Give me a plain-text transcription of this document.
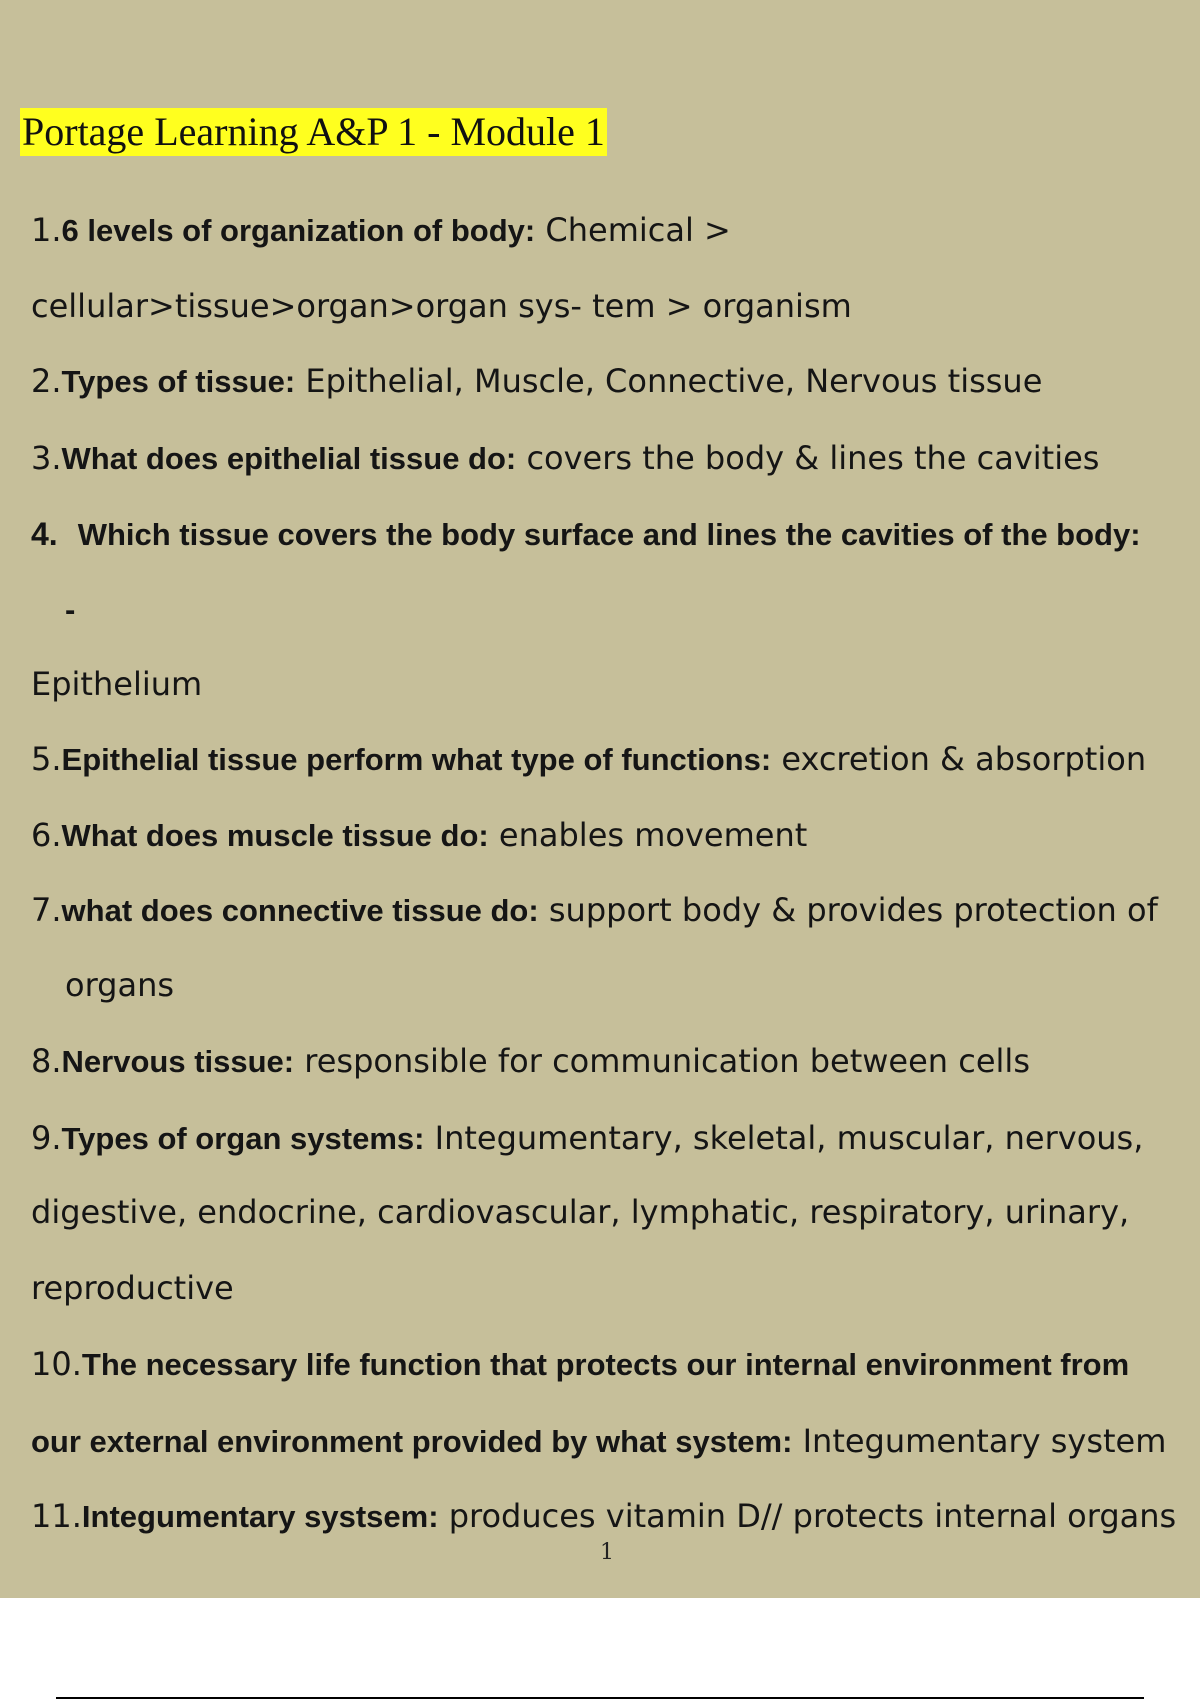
Portage Learning A&P 1 - Module 1
1.6 levels of organization of body: Chemical >
cellular>tissue>organ>organ sys- tem > organism
2.Types of tissue: Epithelial, Muscle, Connective, Nervous tissue
3.What does epithelial tissue do: covers the body & lines the cavities
4. Which tissue covers the body surface and lines the cavities of the body:
-
Epithelium
5.Epithelial tissue perform what type of functions: excretion & absorption
6.What does muscle tissue do: enables movement
7.what does connective tissue do: support body & provides protection of
organs
8.Nervous tissue: responsible for communication between cells
9.Types of organ systems: Integumentary, skeletal, muscular, nervous,
digestive, endocrine, cardiovascular, lymphatic, respiratory, urinary,
reproductive
10.The necessary life function that protects our internal environment from
our external environment provided by what system: Integumentary system
11.Integumentary systsem: produces vitamin D// protects internal organs
1
